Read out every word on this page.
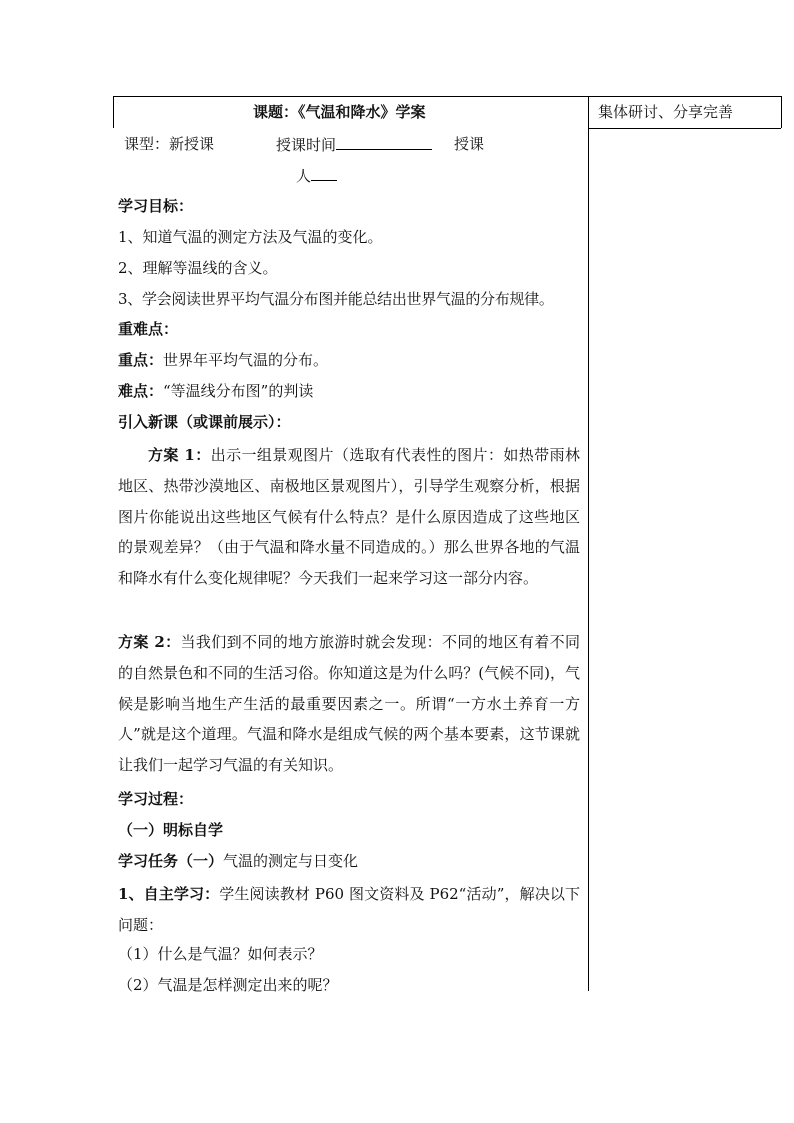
集体研讨、分享完善
课题：《气温和降水》学案
课型：新授课	授课时间	授课
人
学习目标：
1、知道气温的测定方法及气温的变化。
2、理解等温线的含义。
3、学会阅读世界平均气温分布图并能总结出世界气温的分布规律。
重难点：
重点：世界年平均气温的分布。
难点：“等温线分布图”的判读
引入新课（或课前展示）：
方案 1：出示一组景观图片（选取有代表性的图片：如热带雨林地区、热带沙漠地区、南极地区景观图片），引导学生观察分析，根据图片你能说出这些地区气候有什么特点？是什么原因造成了这些地区的景观差异？（由于气温和降水量不同造成的。）那么世界各地的气温和降水有什么变化规律呢？今天我们一起来学习这一部分内容。
方案 2：当我们到不同的地方旅游时就会发现：不同的地区有着不同的自然景色和不同的生活习俗。你知道这是为什么吗？(气候不同)，气候是影响当地生产生活的最重要因素之一。所谓“一方水土养育一方人”就是这个道理。气温和降水是组成气候的两个基本要素，这节课就让我们一起学习气温的有关知识。
学习过程：
（一）明标自学
学习任务（一）气温的测定与日变化
1、自主学习：学生阅读教材 P60 图文资料及 P62“活动”，解决以下问题：
（1）什么是气温？如何表示？
（2）气温是怎样测定出来的呢？
